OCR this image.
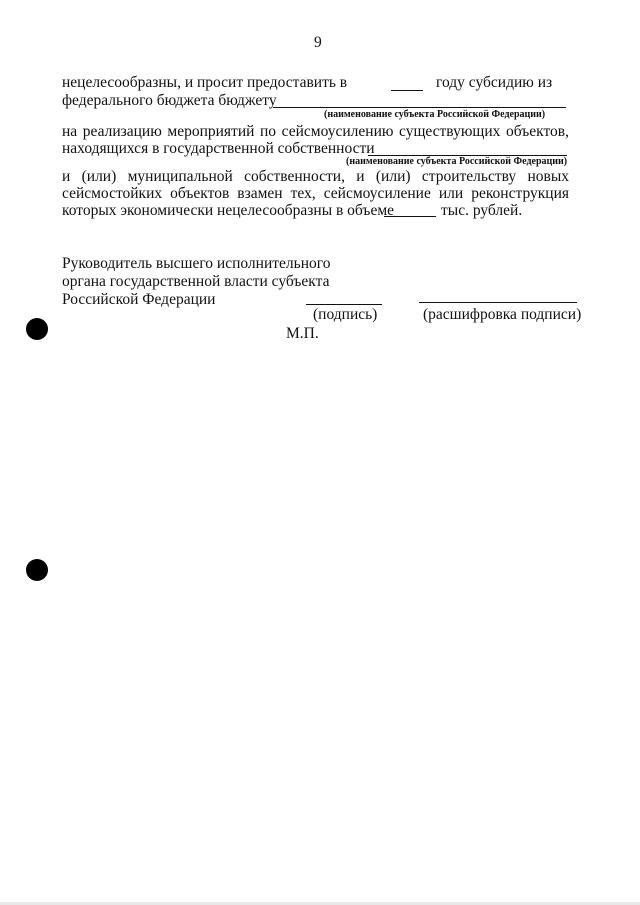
9
нецелесообразны, и просит предоставить в	году субсидию из
федерального бюджета бюджету
(наименование субъекта Российской Федерации)
на реализацию мероприятий по сейсмоусилению существующих объектов,
находящихся в государственной собственности
(наименование субъекта Российской Федерации)
и (или) муниципальной собственности, и (или) строительству новых
сейсмостойких объектов взамен тех, сейсмоусиление или реконструкция
которых экономически нецелесообразны в объеме	тыс. рублей.
Руководитель высшего исполнительного
органа государственной власти субъекта
Российской Федерации
(подпись)	(расшифровка подписи)
М.П.
